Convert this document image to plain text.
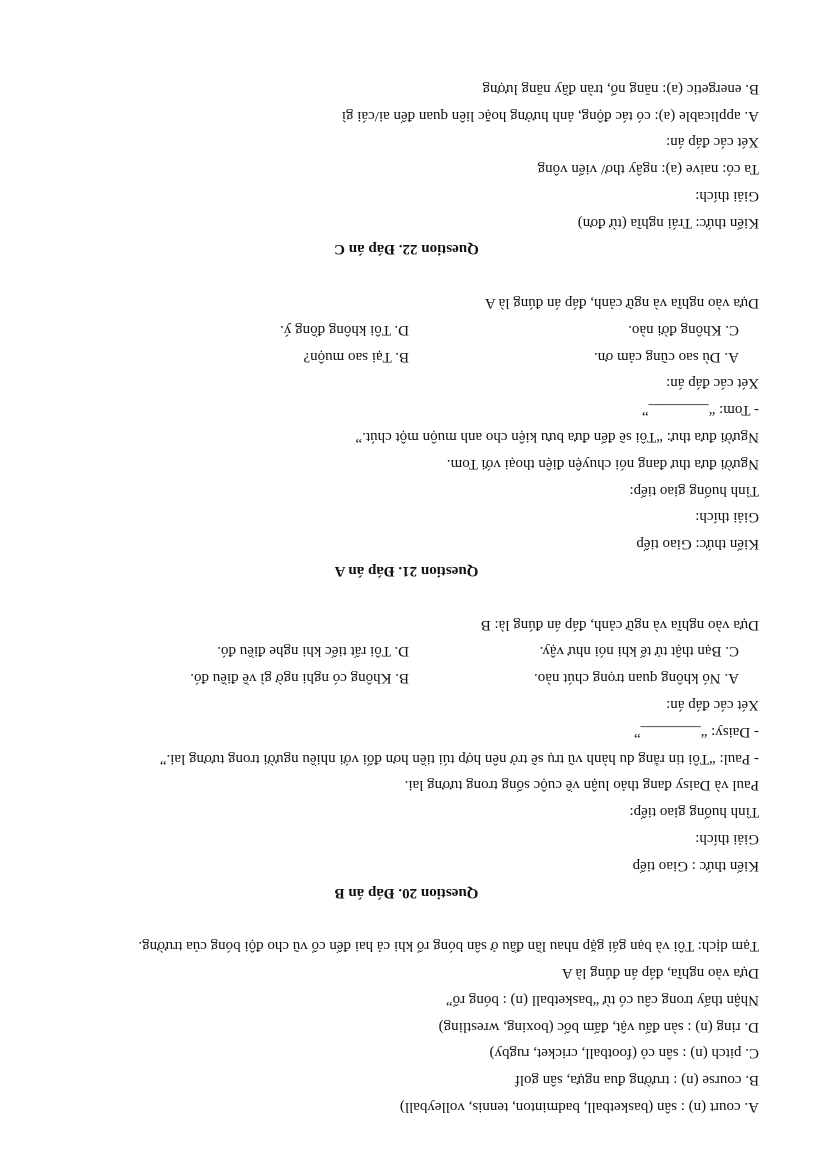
A. court (n) : sân (basketball, badminton, tennis, volleyball)
B. course (n) : trường đua ngựa, sân golf
C. pitch (n) : sân cỏ (football, cricket, rugby)
D. ring (n) : sàn đấu vật, đấm bốc (boxing, wrestling)
Nhận thấy trong câu có từ “basketball (n) : bóng rổ”
Dựa vào nghĩa, đáp án đúng là A
Tạm dịch: Tôi và bạn gái gặp nhau lần đầu ở sân bóng rổ khi cả hai đến cổ vũ cho đội bóng của trường.
Question 20. Đáp án B
Kiến thức : Giao tiếp
Giải thích:
Tình huống giao tiếp:
Paul và Daisy đang thảo luận về cuộc sống trong tương lai.
- Paul: “Tôi tin rằng du hành vũ trụ sẽ trở nên hợp túi tiền hơn đối với nhiều người trong tương lai.”
- Daisy: “________”
Xét các đáp án:
A. Nó không quan trọng chút nào.
B. Không có nghi ngờ gì về điều đó.
C. Bạn thật tử tế khi nói như vậy.
D. Tôi rất tiếc khi nghe điều đó.
Dựa vào nghĩa và ngữ cảnh, đáp án đúng là: B
Question 21. Đáp án A
Kiến thức: Giao tiếp
Giải thích:
Tình huống giao tiếp:
Người đưa thư đang nói chuyện điện thoại với Tom.
Người đưa thư: “Tôi sẽ đến đưa bưu kiện cho anh muộn một chút.”
- Tom: “________”
Xét các đáp án:
A. Dù sao cũng cảm ơn.
B. Tại sao muộn?
C. Không đời nào.
D. Tôi không đồng ý.
Dựa vào nghĩa và ngữ cảnh, đáp án đúng là A
Question 22. Đáp án C
Kiến thức: Trái nghĩa (từ đơn)
Giải thích:
Ta có: naive (a): ngây thơ/ viển vông
Xét các đáp án:
A. applicable (a): có tác động, ảnh hưởng hoặc liên quan đến ai/cái gì
B. energetic (a): năng nổ, tràn đầy năng lượng
